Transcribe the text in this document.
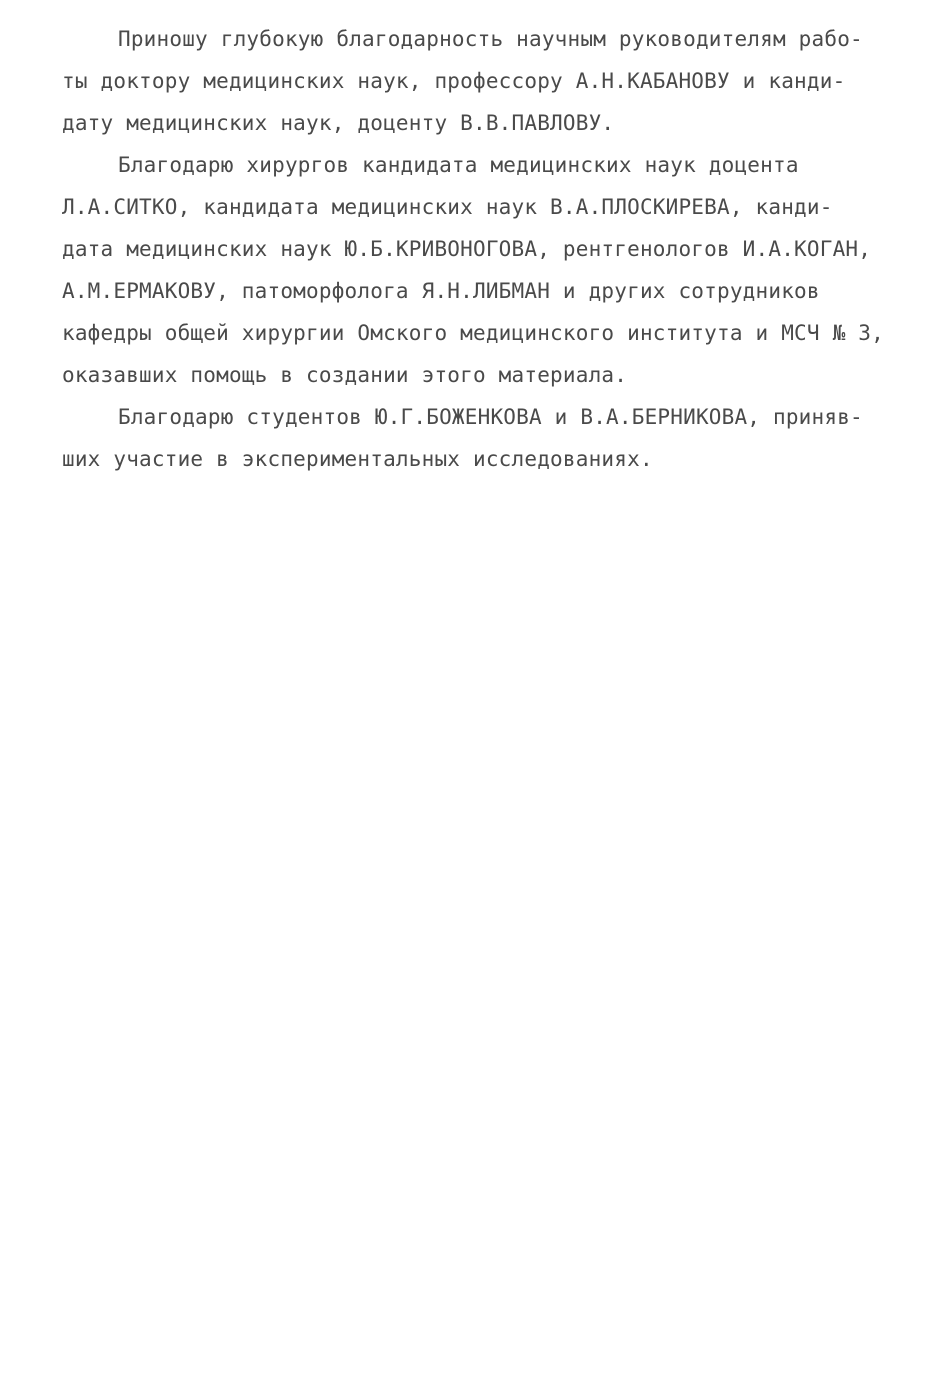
Приношу глубокую благодарность научным руководителям рабо-
ты доктору медицинских наук, профессору А.Н.КАБАНОВУ и канди-
дату медицинских наук, доценту В.В.ПАВЛОВУ.
Благодарю хирургов кандидата медицинских наук доцента
Л.А.СИТКО, кандидата медицинских наук В.А.ПЛОСКИРЕВА, канди-
дата медицинских наук Ю.Б.КРИВОНОГОВА, рентгенологов И.А.КОГАН,
А.М.ЕРМАКОВУ, патоморфолога Я.Н.ЛИБМАН и других сотрудников
кафедры общей хирургии Омского медицинского института и МСЧ № 3,
оказавших помощь в создании этого материала.
Благодарю студентов Ю.Г.БОЖЕНКОВА и В.А.БЕРНИКОВА, приняв-
ших участие в экспериментальных исследованиях.
